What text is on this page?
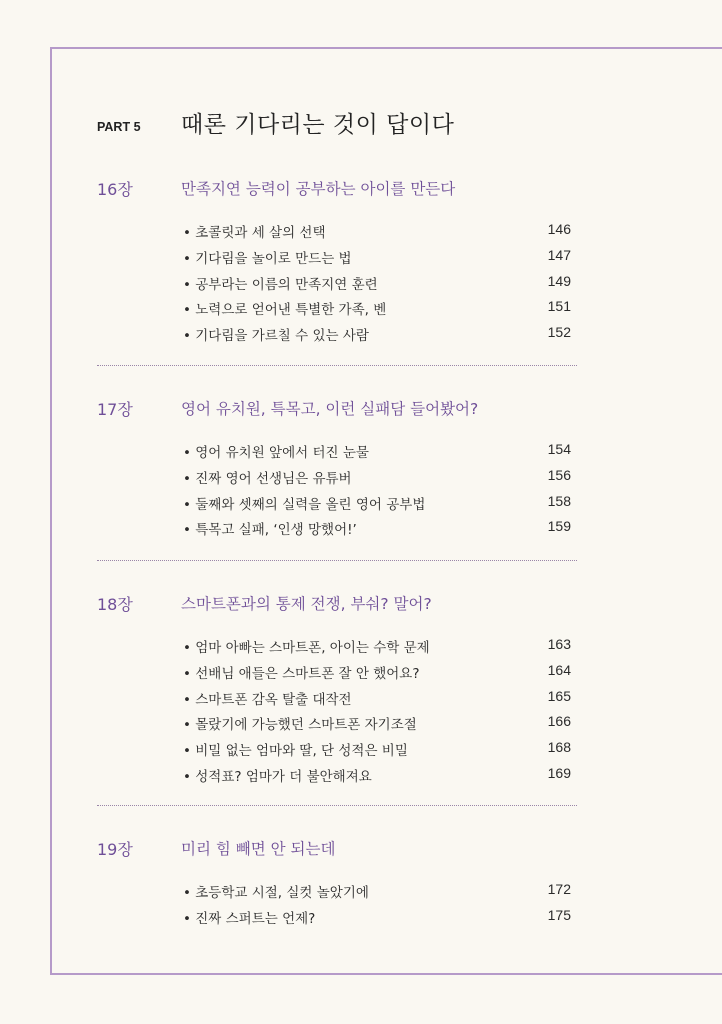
PART 5 때론 기다리는 것이 답이다
16장	만족지연 능력이 공부하는 아이를 만든다
• 초콜릿과 세 살의 선택	146
• 기다림을 놀이로 만드는 법	147
• 공부라는 이름의 만족지연 훈련	149
• 노력으로 얻어낸 특별한 가족, 벤	151
• 기다림을 가르칠 수 있는 사람	152
17장	영어 유치원, 특목고, 이런 실패담 들어봤어?
• 영어 유치원 앞에서 터진 눈물	154
• 진짜 영어 선생님은 유튜버	156
• 둘째와 셋째의 실력을 올린 영어 공부법	158
• 특목고 실패, ‘인생 망했어!’	159
18장	스마트폰과의 통제 전쟁, 부숴? 말어?
• 엄마 아빠는 스마트폰, 아이는 수학 문제	163
• 선배님 애들은 스마트폰 잘 안 했어요?	164
• 스마트폰 감옥 탈출 대작전	165
• 몰랐기에 가능했던 스마트폰 자기조절	166
• 비밀 없는 엄마와 딸, 단 성적은 비밀	168
• 성적표? 엄마가 더 불안해져요	169
19장	미리 힘 빼면 안 되는데
• 초등학교 시절, 실컷 놀았기에	172
• 진짜 스퍼트는 언제?	175
